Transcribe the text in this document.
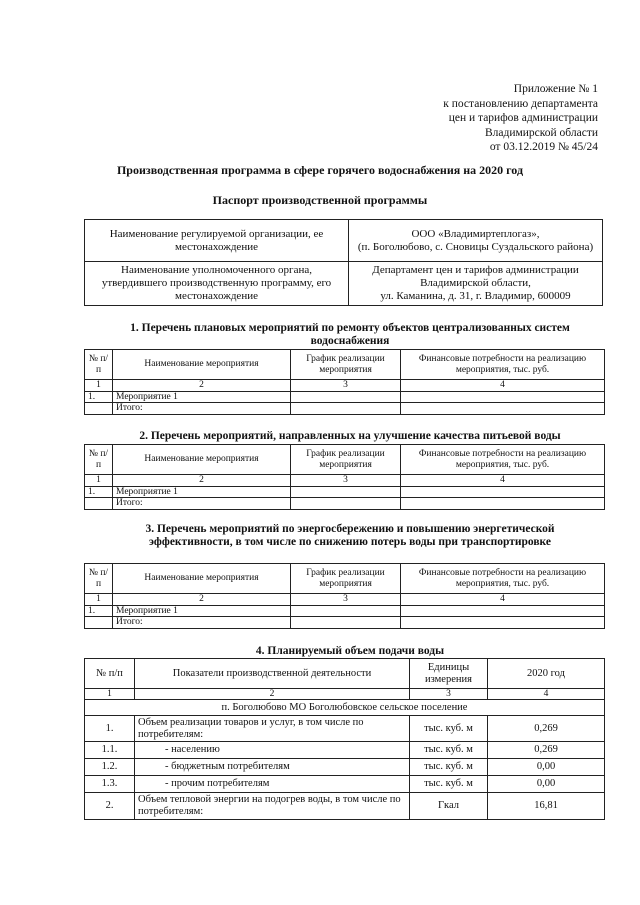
Приложение № 1
к постановлению департамента
цен и тарифов администрации
Владимирской области
от 03.12.2019 № 45/24
Производственная программа в сфере горячего водоснабжения на 2020 год
Паспорт производственной программы
Наименование регулируемой организации, ее местонахождение	ООО «Владимиртеплогаз»,
(п. Боголюбово, с. Сновицы Суздальского района)

Наименование уполномоченного органа, утвердившего производственную программу, его местонахождение	Департамент цен и тарифов администрации
Владимирской области,
ул. Каманина, д. 31, г. Владимир, 600009
1. Перечень плановых мероприятий по ремонту объектов централизованных систем
водоснабжения
№ п/п	Наименование мероприятия	График реализации мероприятия	Финансовые потребности на реализацию мероприятия, тыс. руб.
1	2	3	4
1.	Мероприятие 1		
	Итого:		
2. Перечень мероприятий, направленных на улучшение качества питьевой воды
№ п/п	Наименование мероприятия	График реализации мероприятия	Финансовые потребности на реализацию мероприятия, тыс. руб.
1	2	3	4
1.	Мероприятие 1		
	Итого:		
3. Перечень мероприятий по энергосбережению и повышению энергетической
эффективности, в том числе по снижению потерь воды при транспортировке
№ п/п	Наименование мероприятия	График реализации мероприятия	Финансовые потребности на реализацию мероприятия, тыс. руб.
1	2	3	4
1.	Мероприятие 1		
	Итого:		
4. Планируемый объем подачи воды
№ п/п	Показатели производственной деятельности	Единицы измерения	2020 год
1	2	3	4
п. Боголюбово МО Боголюбовское сельское поселение			
1.	Объем реализации товаров и услуг, в том числе по потребителям:	тыс. куб. м	0,269
1.1.	- населению	тыс. куб. м	0,269
1.2.	- бюджетным потребителям	тыс. куб. м	0,00
1.3.	- прочим потребителям	тыс. куб. м	0,00
2.	Объем тепловой энергии на подогрев воды, в том числе по потребителям:	Гкал	16,81
